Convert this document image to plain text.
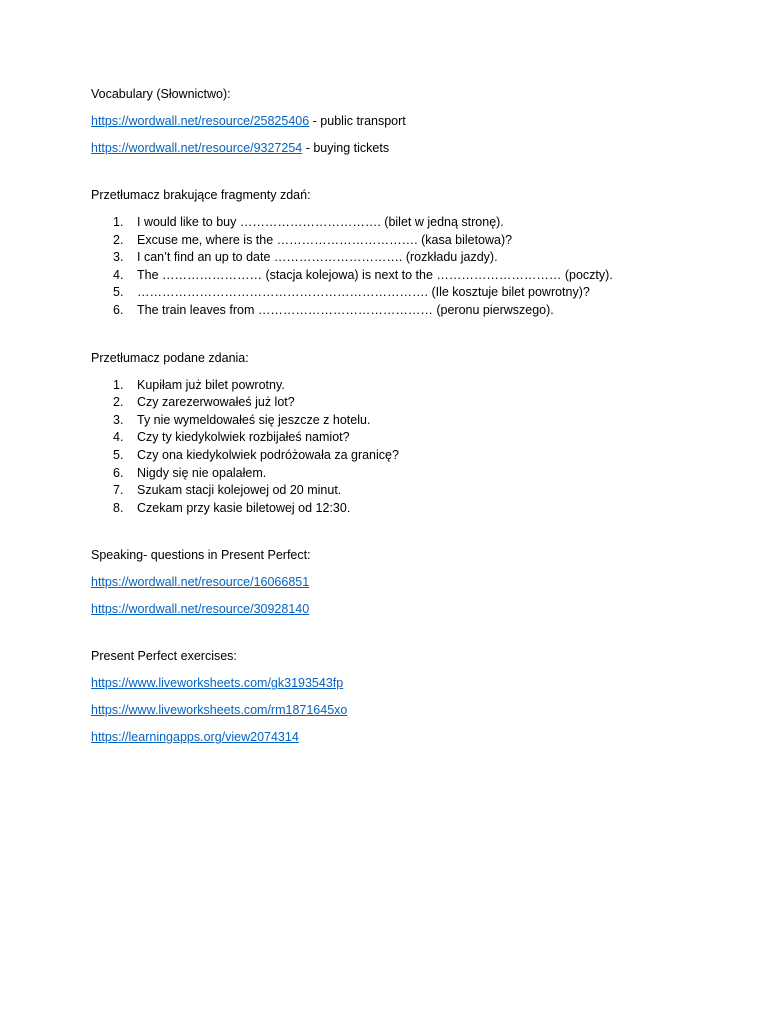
Vocabulary (Słownictwo):

https://wordwall.net/resource/25825406 - public transport

https://wordwall.net/resource/9327254 - buying tickets

Przetłumacz brakujące fragmenty zdań:

1. I would like to buy ……………………………. (bilet w jedną stronę).
2. Excuse me, where is the ……………………………. (kasa biletowa)?
3. I can’t find an up to date …………………………. (rozkładu jazdy).
4. The …………………… (stacja kolejowa) is next to the ………………………… (poczty).
5. ……………………………………………………………. (Ile kosztuje bilet powrotny)?
6. The train leaves from …………………………………… (peronu pierwszego).

Przetłumacz podane zdania:

1. Kupiłam już bilet powrotny.
2. Czy zarezerwowałeś już lot?
3. Ty nie wymeldowałeś się jeszcze z hotelu.
4. Czy ty kiedykolwiek rozbijałeś namiot?
5. Czy ona kiedykolwiek podróżowała za granicę?
6. Nigdy się nie opalałem.
7. Szukam stacji kolejowej od 20 minut.
8. Czekam przy kasie biletowej od 12:30.

Speaking- questions in Present Perfect:

https://wordwall.net/resource/16066851

https://wordwall.net/resource/30928140

Present Perfect exercises:

https://www.liveworksheets.com/gk3193543fp

https://www.liveworksheets.com/rm1871645xo

https://learningapps.org/view2074314
